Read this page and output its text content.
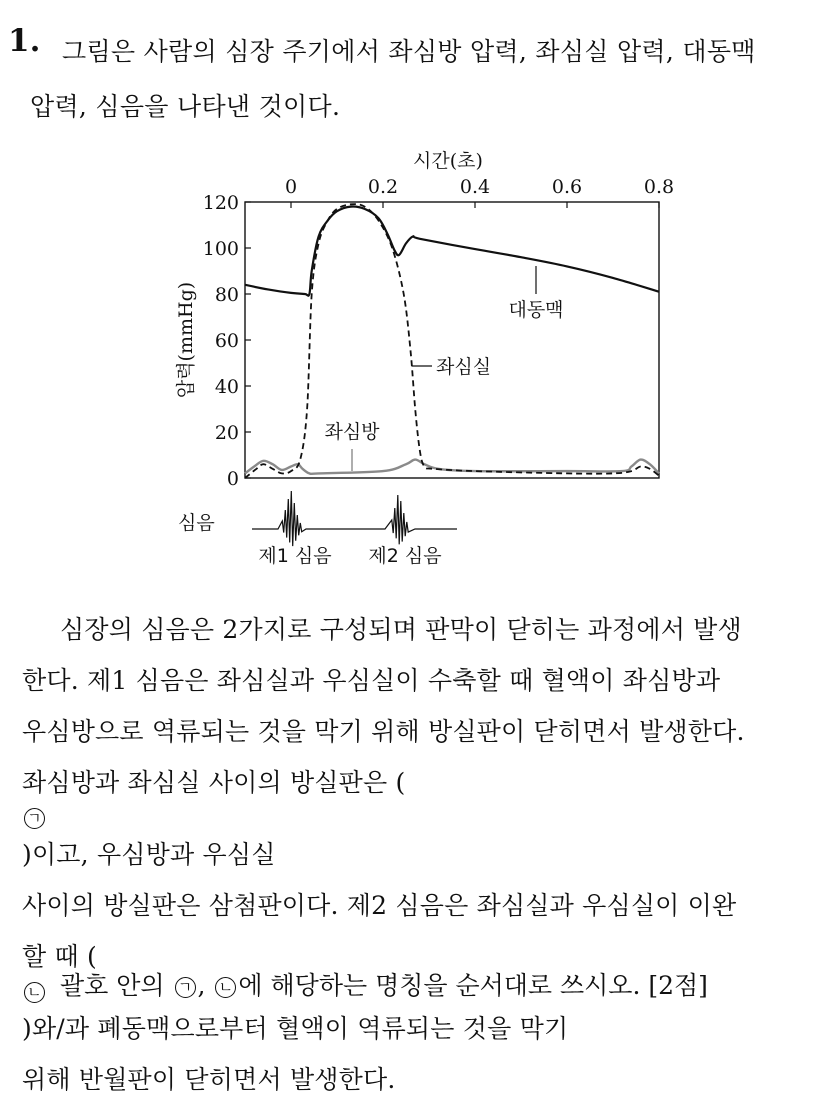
1. 그림은 사람의 심장 주기에서 좌심방 압력, 좌심실 압력, 대동맥
압력, 심음을 나타낸 것이다.
시간(초)
0	0.2	0.4	0.6	0.8
0
20
40
60
80
100
120
압력(mmHg)	대동맥
좌심실
좌심방
심음
제1 심음 제2 심음
심장의 심음은 2가지로 구성되며 판막이 닫히는 과정에서 발생
한다. 제1 심음은 좌심실과 우심실이 수축할 때 혈액이 좌심방과
우심방으로 역류되는 것을 막기 위해 방실판이 닫히면서 발생한다.
좌심방과 좌심실 사이의 방실판은 (
ㄱ
)이고, 우심방과 우심실
사이의 방실판은 삼첨판이다. 제2 심음은 좌심실과 우심실이 이완
할 때 (
ㄴ
)와/과 폐동맥으로부터 혈액이 역류되는 것을 막기
위해 반월판이 닫히면서 발생한다.
괄호 안의 ㄱ , ㄴ 에 해당하는 명칭을 순서대로 쓰시오. [2점]
